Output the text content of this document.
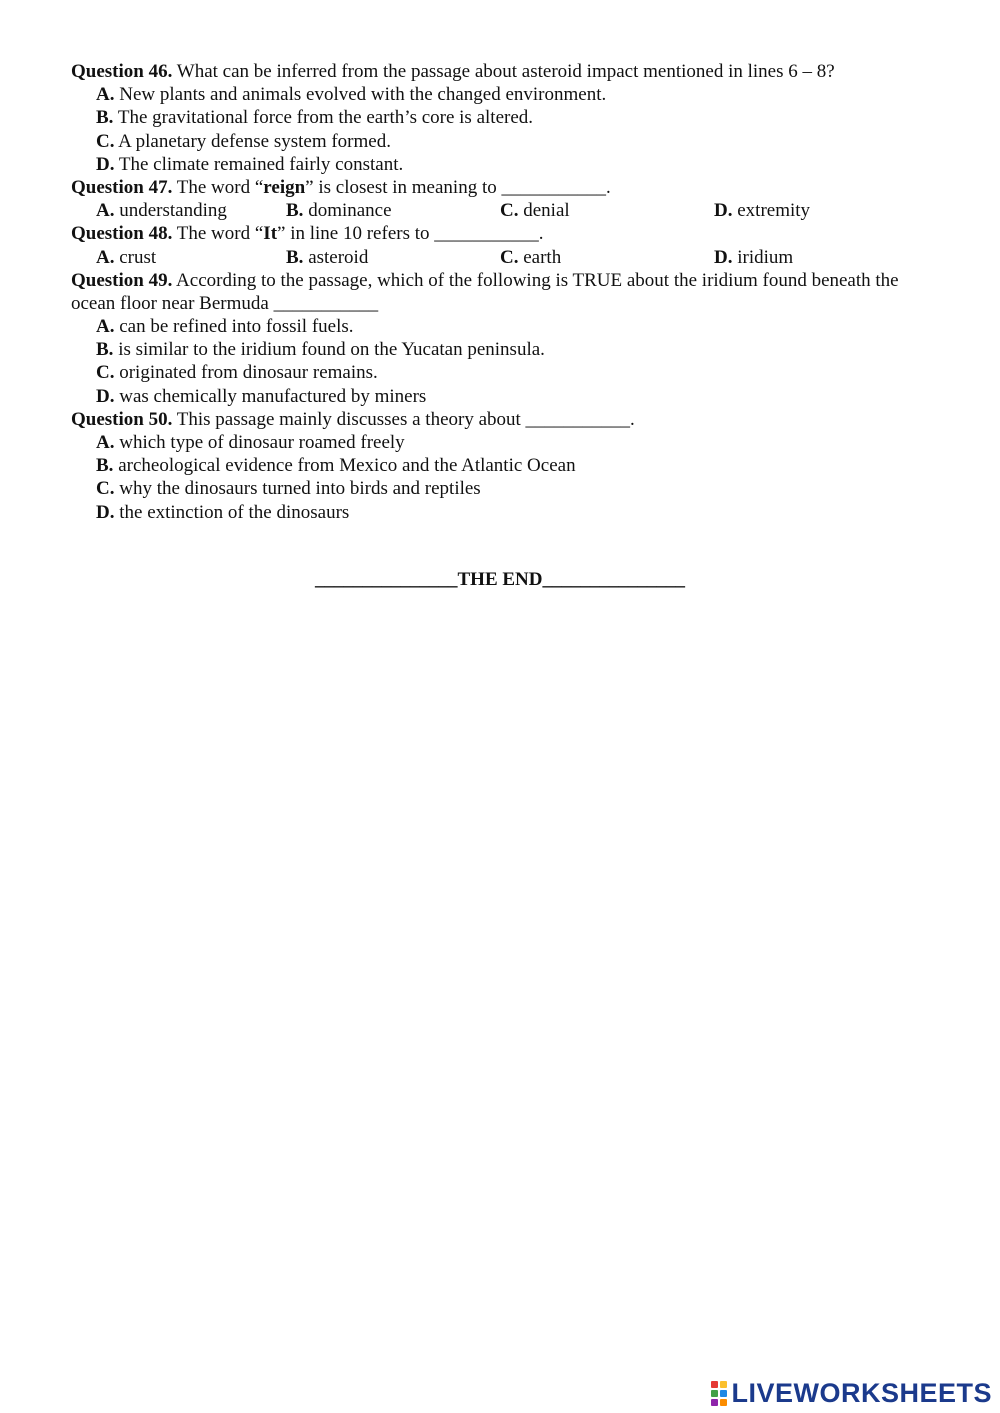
Question 46. What can be inferred from the passage about asteroid impact mentioned in lines 6 – 8?
A. New plants and animals evolved with the changed environment.
B. The gravitational force from the earth’s core is altered.
C. A planetary defense system formed.
D. The climate remained fairly constant.
Question 47. The word “reign” is closest in meaning to ___________.
A. understanding	B. dominance	C. denial	D. extremity
Question 48. The word “It” in line 10 refers to ___________.
A. crust	B. asteroid	C. earth	D. iridium
Question 49. According to the passage, which of the following is TRUE about the iridium found beneath the ocean floor near Bermuda ___________
A. can be refined into fossil fuels.
B. is similar to the iridium found on the Yucatan peninsula.
C. originated from dinosaur remains.
D. was chemically manufactured by miners
Question 50. This passage mainly discusses a theory about ___________.
A. which type of dinosaur roamed freely
B. archeological evidence from Mexico and the Atlantic Ocean
C. why the dinosaurs turned into birds and reptiles
D. the extinction of the dinosaurs
_______________THE END_______________
LIVEWORKSHEETS
